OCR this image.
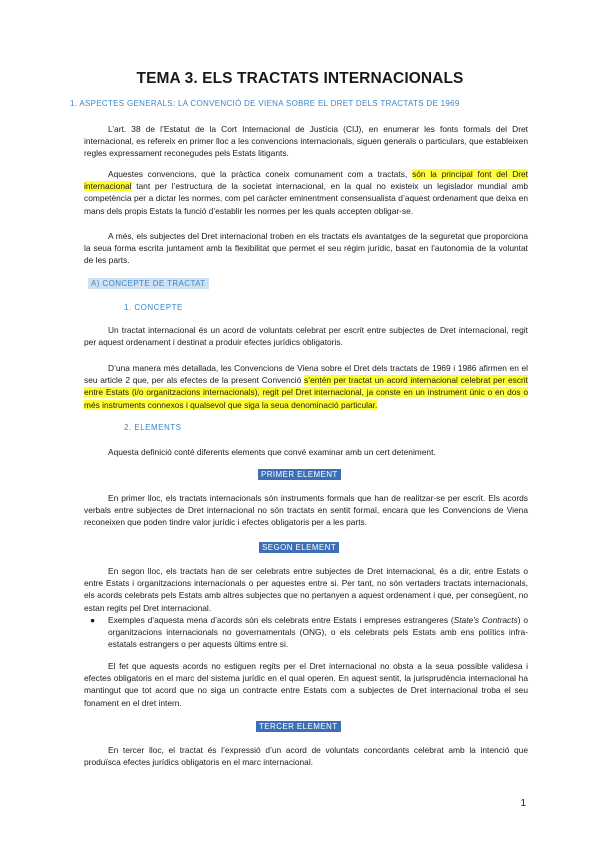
TEMA 3. ELS TRACTATS INTERNACIONALS
1. ASPECTES GENERALS: LA CONVENCIÓ DE VIENA SOBRE EL DRET DELS TRACTATS DE 1969
L’art. 38 de l’Estatut de la Cort Internacional de Justícia (CIJ), en enumerar les fonts formals del Dret internacional, es refereix en primer lloc a les convencions internacionals, siguen generals o particulars, que estableixen regles expressament reconegudes pels Estats litigants.
Aquestes convencions, que la pràctica coneix comunament com a tractats, són la principal font del Dret internacional tant per l’estructura de la societat internacional, en la qual no existeix un legislador mundial amb competència per a dictar les normes, com pel caràcter eminentment consensualista d’aquest ordenament que deixa en mans dels propis Estats la funció d’establir les normes per les quals accepten obligar-se.
A més, els subjectes del Dret internacional troben en els tractats els avantatges de la seguretat que proporciona la seua forma escrita juntament amb la flexibilitat que permet el seu règim jurídic, basat en l’autonomia de la voluntat de les parts.
A) CONCEPTE DE TRACTAT
1. CONCEPTE
Un tractat internacional és un acord de voluntats celebrat per escrit entre subjectes de Dret internacional, regit per aquest ordenament i destinat a produir efectes jurídics obligatoris.
D’una manera més detallada, les Convencions de Viena sobre el Dret dels tractats de 1969 i 1986 afirmen en el seu article 2 que, per als efectes de la present Convenció s’entén per tractat un acord internacional celebrat per escrit entre Estats (i/o organitzacions internacionals), regit pel Dret internacional, ja conste en un instrument únic o en dos o més instruments connexos i qualsevol que siga la seua denominació particular.
2. ELEMENTS
Aquesta definició conté diferents elements que convé examinar amb un cert deteniment.
PRIMER ELEMENT
En primer lloc, els tractats internacionals són instruments formals que han de realitzar-se per escrit. Els acords verbals entre subjectes de Dret internacional no són tractats en sentit formal, encara que les Convencions de Viena reconeixen que poden tindre valor jurídic i efectes obligatoris per a les parts.
SEGON ELEMENT
En segon lloc, els tractats han de ser celebrats entre subjectes de Dret internacional, és a dir, entre Estats o entre Estats i organitzacions internacionals o per aquestes entre si. Per tant, no són vertaders tractats internacionals, els acords celebrats pels Estats amb altres subjectes que no pertanyen a aquest ordenament i que, per consegüent, no estan regits pel Dret internacional.
● Exemples d’aquesta mena d’acords són els celebrats entre Estats i empreses estrangeres (State’s Contracts) o organitzacions internacionals no governamentals (ONG), o els celebrats pels Estats amb ens polítics infra-estatals estrangers o per aquests últims entre si.
El fet que aquests acords no estiguen regits per el Dret internacional no obsta a la seua possible validesa i efectes obligatoris en el marc del sistema jurídic en el qual operen. En aquest sentit, la jurisprudència internacional ha mantingut que tot acord que no siga un contracte entre Estats com a subjectes de Dret internacional troba el seu fonament en el dret intern.
TERCER ELEMENT
En tercer lloc, el tractat és l’expressió d’un acord de voluntats concordants celebrat amb la intenció que produïsca efectes jurídics obligatoris en el marc internacional.
1
